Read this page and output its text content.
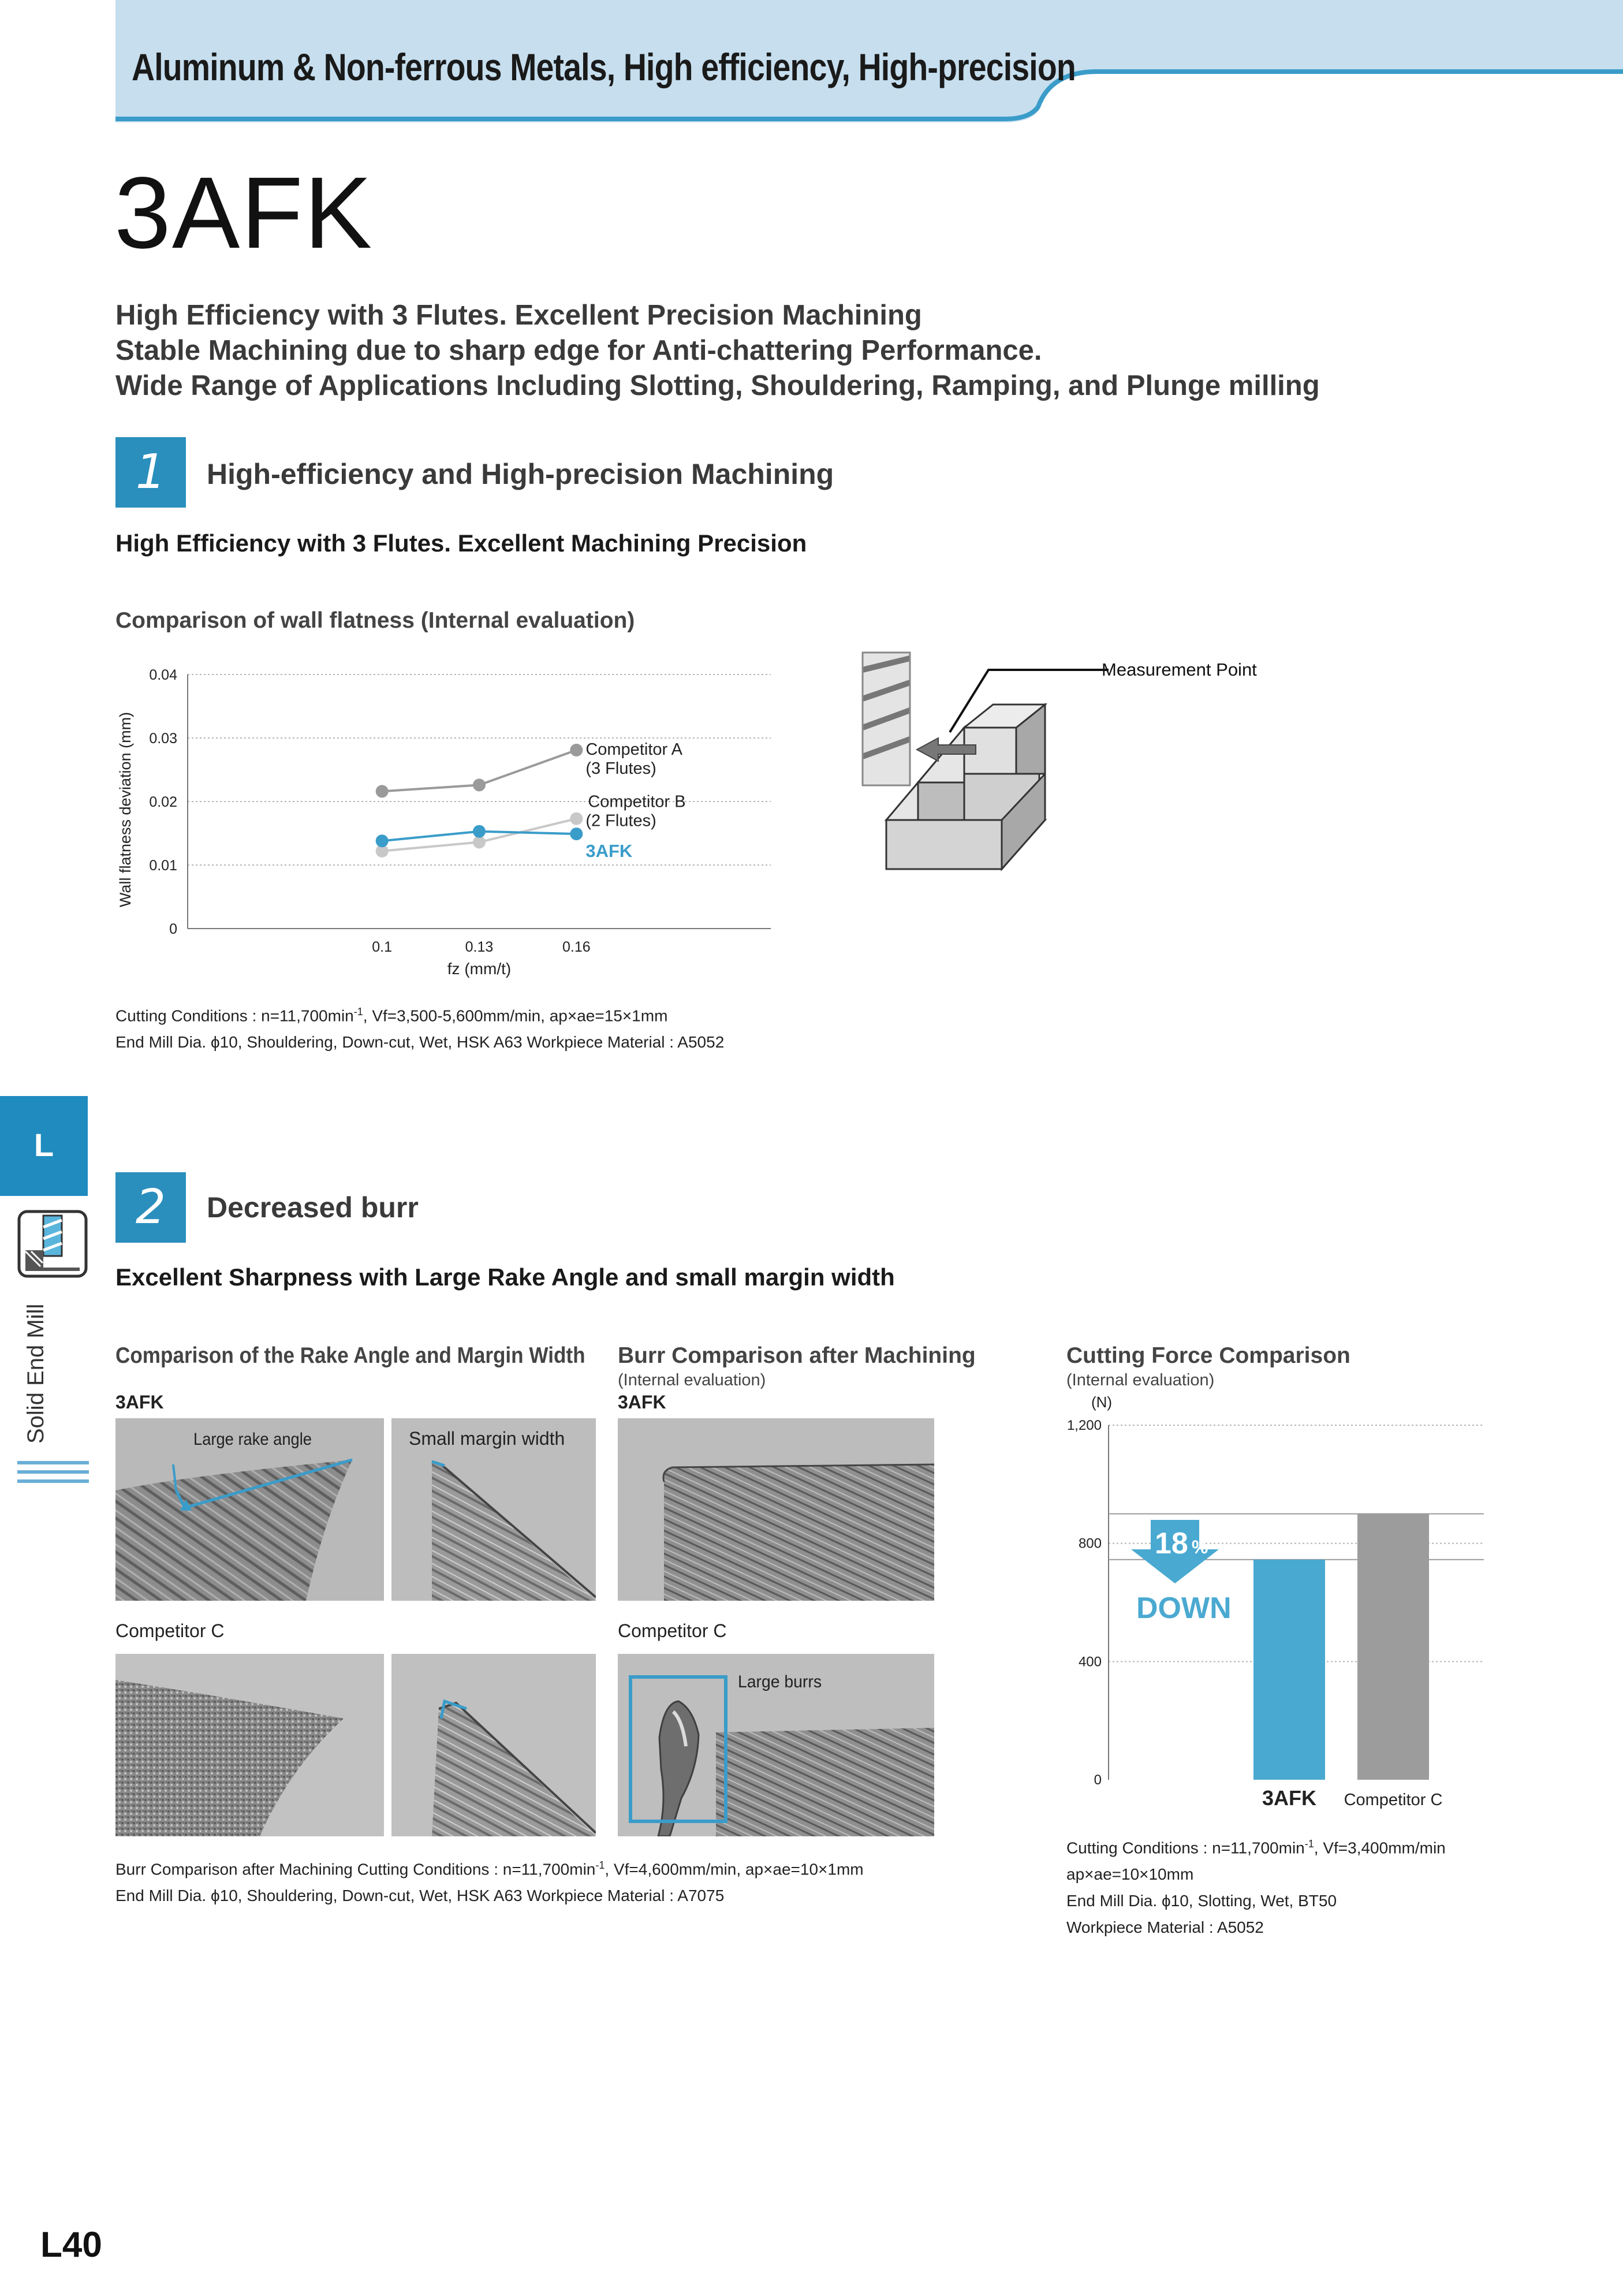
Aluminum & Non-ferrous Metals, High efficiency, High-precision
3AFK
High Efficiency with 3 Flutes. Excellent Precision Machining
Stable Machining due to sharp edge for Anti-chattering Performance.
Wide Range of Applications Including Slotting, Shouldering, Ramping, and Plunge milling
1	High-efficiency and High-precision Machining
High Efficiency with 3 Flutes. Excellent Machining Precision
Comparison of wall flatness (Internal evaluation)
0
0.01
0.02
0.03
0.04
0.1	0.13	0.16
fz (mm/t)
Wall flatness deviation (mm)	Competitor A
(3 Flutes)
Competitor B
(2 Flutes)
3AFK
Measurement Point
Cutting Conditions : $n=11,700\min^{-1}$, Vf=3,500-5,600mm/min, ap×ae=15×1mm
End Mill Dia. ϕ10, Shouldering, Down-cut, Wet, HSK A63 Workpiece Material : A5052
L
Solid End Mill
2	Decreased burr
Excellent Sharpness with Large Rake Angle and small margin width
Comparison of the Rake Angle and Margin Width Burr Comparison after Machining
(Internal evaluation)
Cutting Force Comparison
(Internal evaluation)
3AFK	3AFK
Large rake angle	Small margin width
Competitor C	Competitor C
Large burrs
(N)
0
400
800
1,200
3AFK Competitor C
18 %
DOWN
Burr Comparison after Machining Cutting Conditions : $n=11,700\min^{-1}$, Vf=4,600mm/min, ap×ae=10×1mm
End Mill Dia. ϕ10, Shouldering, Down-cut, Wet, HSK A63 Workpiece Material : A7075
Cutting Conditions : $n=11,700\min^{-1}$, Vf=3,400mm/min
ap×ae=10×10mm
End Mill Dia. ϕ10, Slotting, Wet, BT50
Workpiece Material : A5052
L40
